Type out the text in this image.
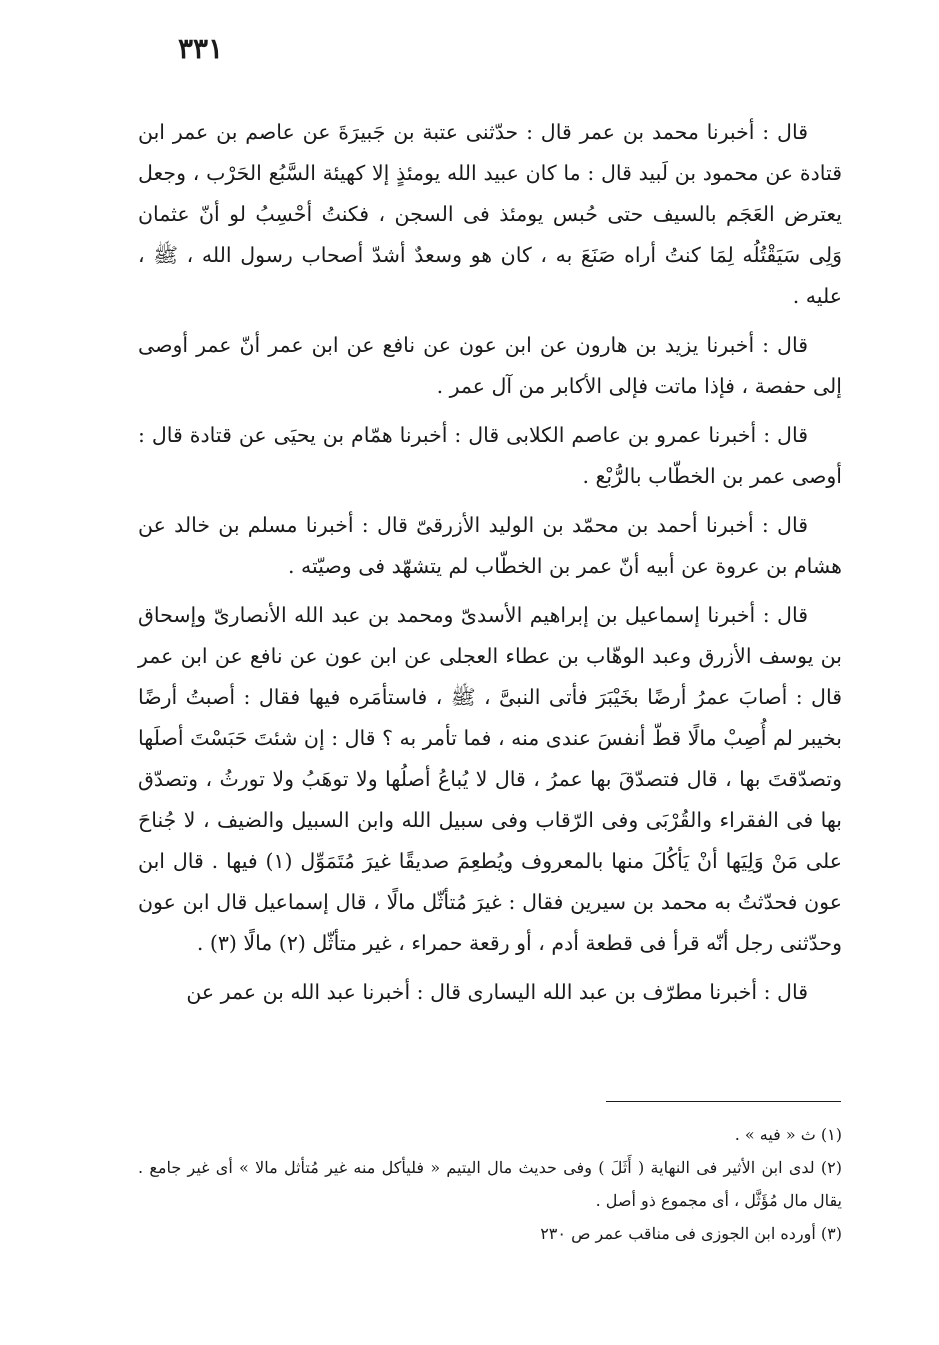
٣٣١

قال : أخبرنا محمد بن عمر قال : حدّثنى عتبة بن جَبيرَةَ عن عاصم بن عمر ابن قتادة عن محمود بن لَبيد قال : ما كان عبيد الله يومئذٍ إلا كهيئة السَّبُع الحَرْب ، وجعل يعترض العَجَم بالسيف حتى حُبس يومئذ فى السجن ، فكنتُ أحْسِبُ لو أنّ عثمان وَلِى سَيَقْتُلُه لِمَا كنتُ أراه صَنَعَ به ، كان هو وسعدٌ أشدّ أصحاب رسول الله ، ﷺ ، عليه .

قال : أخبرنا يزيد بن هارون عن ابن عون عن نافع عن ابن عمر أنّ عمر أوصى إلى حفصة ، فإذا ماتت فإلى الأكابر من آل عمر .

قال : أخبرنا عمرو بن عاصم الكلابى قال : أخبرنا همّام بن يحيَى عن قتادة قال : أوصى عمر بن الخطّاب بالرُّبْع .

قال : أخبرنا أحمد بن محمّد بن الوليد الأزرقىّ قال : أخبرنا مسلم بن خالد عن هشام بن عروة عن أبيه أنّ عمر بن الخطّاب لم يتشهّد فى وصيّته .

قال : أخبرنا إسماعيل بن إبراهيم الأسدىّ ومحمد بن عبد الله الأنصارىّ وإسحاق بن يوسف الأزرق وعبد الوهّاب بن عطاء العجلى عن ابن عون عن نافع عن ابن عمر قال : أصابَ عمرُ أرضًا بخَيْبَرَ فأتى النبىَّ ، ﷺ ، فاستأمَره فيها فقال : أصبتُ أرضًا بخيبر لم أُصِبْ مالًا قطّ أنفسَ عندى منه ، فما تأمر به ؟ قال : إن شئتَ حَبَسْتَ أصلَها وتصدّقتَ بها ، قال فتصدّقَ بها عمرُ ، قال لا يُباعُ أصلُها ولا توهَبُ ولا تورثُ ، وتصدّق بها فى الفقراء والقُرْبَى وفى الرّقاب وفى سبيل الله وابن السبيل والضيف ، لا جُناحَ على مَنْ وَلِيَها أنْ يَأكُلَ منها بالمعروف ويُطعِمَ صديقًا غيرَ مُتَمَوِّل (١) فيها . قال ابن عون فحدّثتُ به محمد بن سيرين فقال : غيرَ مُتأثّل مالًا ، قال إسماعيل قال ابن عون وحدّثنى رجل أنّه قرأ فى قطعة أدم ، أو رقعة حمراء ، غير متأثّل (٢) مالًا (٣) .

قال : أخبرنا مطرّف بن عبد الله اليسارى قال : أخبرنا عبد الله بن عمر عن

(١) ث « فيه » .

(٢) لدى ابن الأثير فى النهاية ( أَثَلَ ) وفى حديث مال اليتيم « فليأكل منه غير مُتأثل مالا » أى غير جامع . يقال مال مُؤَثَّل ، أى مجموع ذو أصل .

(٣) أورده ابن الجوزى فى مناقب عمر ص ٢٣٠
